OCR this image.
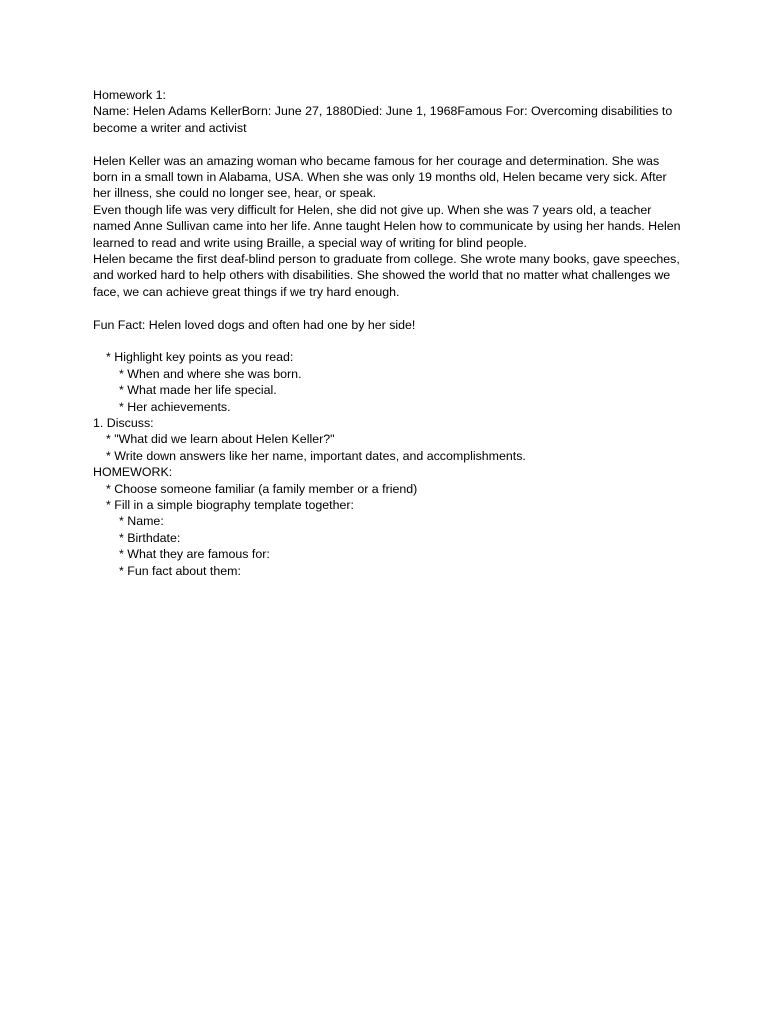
Homework 1:
Name: Helen Adams KellerBorn: June 27, 1880Died: June 1, 1968Famous For: Overcoming disabilities to become a writer and activist
Helen Keller was an amazing woman who became famous for her courage and determination. She was born in a small town in Alabama, USA. When she was only 19 months old, Helen became very sick. After her illness, she could no longer see, hear, or speak.
Even though life was very difficult for Helen, she did not give up. When she was 7 years old, a teacher named Anne Sullivan came into her life. Anne taught Helen how to communicate by using her hands. Helen learned to read and write using Braille, a special way of writing for blind people.
Helen became the first deaf-blind person to graduate from college. She wrote many books, gave speeches, and worked hard to help others with disabilities. She showed the world that no matter what challenges we face, we can achieve great things if we try hard enough.
Fun Fact: Helen loved dogs and often had one by her side!
* Highlight key points as you read:
* When and where she was born.
* What made her life special.
* Her achievements.
1. Discuss:
* "What did we learn about Helen Keller?"
* Write down answers like her name, important dates, and accomplishments.
HOMEWORK:
* Choose someone familiar (a family member or a friend)
* Fill in a simple biography template together:
* Name:
* Birthdate:
* What they are famous for:
* Fun fact about them:
